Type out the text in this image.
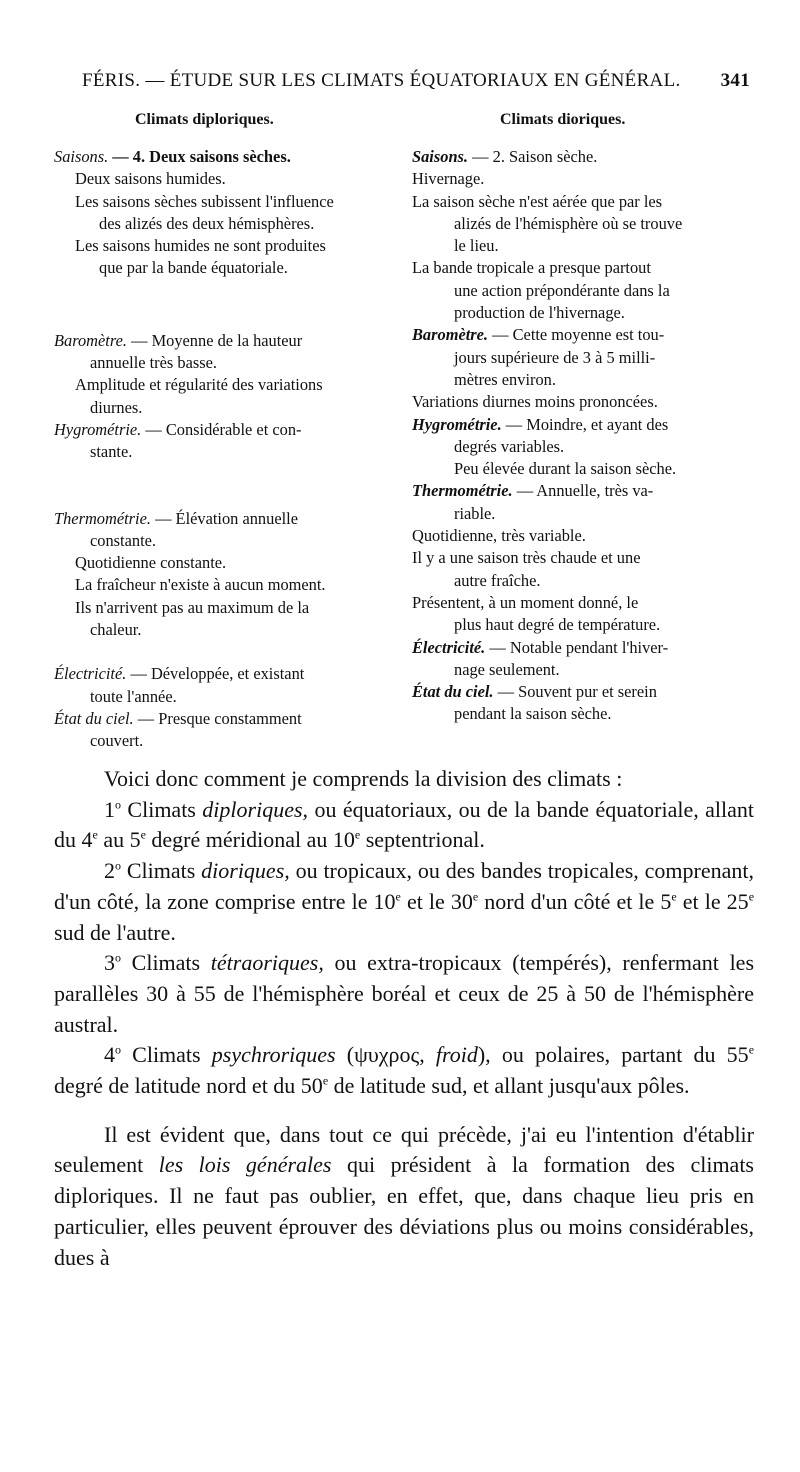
FÉRIS. — ÉTUDE SUR LES CLIMATS ÉQUATORIAUX EN GÉNÉRAL. 341
Climats diploriques.	Climats dioriques.
Saisons. — 4. Deux saisons sèches.
Deux saisons humides.
Les saisons sèches subissent l'influence
des alizés des deux hémisphères.
Les saisons humides ne sont produites
que par la bande équatoriale.
Baromètre. — Moyenne de la hauteur
annuelle très basse.
Amplitude et régularité des variations
diurnes.
Hygrométrie. — Considérable et con-
stante.
Thermométrie. — Élévation annuelle
constante.
Quotidienne constante.
La fraîcheur n'existe à aucun moment.
Ils n'arrivent pas au maximum de la
chaleur.
Électricité. — Développée, et existant
toute l'année.
État du ciel. — Presque constamment
couvert.
Saisons. — 2. Saison sèche.
Hivernage.
La saison sèche n'est aérée que par les
alizés de l'hémisphère où se trouve
le lieu.
La bande tropicale a presque partout
une action prépondérante dans la
production de l'hivernage.
Baromètre. — Cette moyenne est tou-
jours supérieure de 3 à 5 milli-
mètres environ.
Variations diurnes moins prononcées.
Hygrométrie. — Moindre, et ayant des
degrés variables.
Peu élevée durant la saison sèche.
Thermométrie. — Annuelle, très va-
riable.
Quotidienne, très variable.
Il y a une saison très chaude et une
autre fraîche.
Présentent, à un moment donné, le
plus haut degré de température.
Électricité. — Notable pendant l'hiver-
nage seulement.
État du ciel. — Souvent pur et serein
pendant la saison sèche.

Voici donc comment je comprends la division des climats :

1$^o$ Climats diploriques, ou équatoriaux, ou de la bande équatoriale, allant du 4e au 5e degré méridional au 10e septentrional.

2$^o$ Climats dioriques, ou tropicaux, ou des bandes tropicales, comprenant, d'un côté, la zone comprise entre le 10e et le 30e nord d'un côté et le 5e et le 25e sud de l'autre.

3$^o$ Climats tétraoriques, ou extra-tropicaux (tempérés), renfermant les parallèles 30 à 55 de l'hémisphère boréal et ceux de 25 à 50 de l'hémisphère austral.

4$^o$ Climats psychroriques (ψυχρος, froid), ou polaires, partant du 55e degré de latitude nord et du 50e de latitude sud, et allant jusqu'aux pôles.

Il est évident que, dans tout ce qui précède, j'ai eu l'intention d'établir seulement les lois générales qui président à la formation des climats diploriques. Il ne faut pas oublier, en effet, que, dans chaque lieu pris en particulier, elles peuvent éprouver des déviations plus ou moins considérables, dues à
